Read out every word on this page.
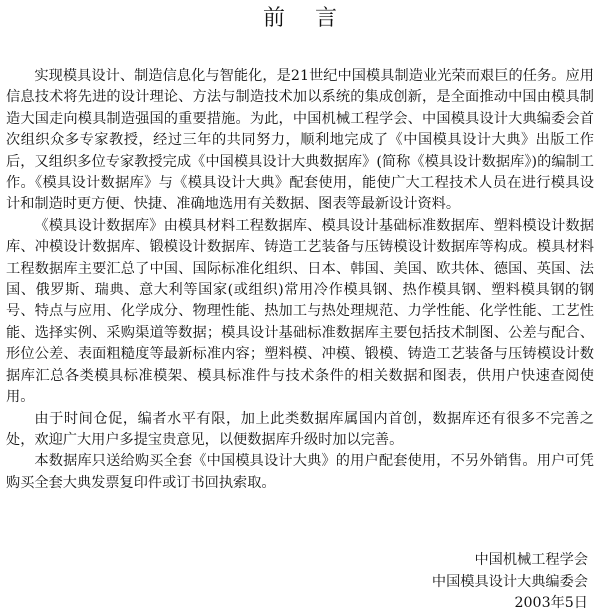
前言

实现模具设计、制造信息化与智能化，是21世纪中国模具制造业光荣而艰巨的任务。应用信息技术将先进的设计理论、方法与制造技术加以系统的集成创新，是全面推动中国由模具制造大国走向模具制造强国的重要措施。为此，中国机械工程学会、中国模具设计大典编委会首次组织众多专家教授，经过三年的共同努力，顺利地完成了《中国模具设计大典》出版工作后，又组织多位专家教授完成《中国模具设计大典数据库》(简称《模具设计数据库》)的编制工作。《模具设计数据库》与《模具设计大典》配套使用，能使广大工程技术人员在进行模具设计和制造时更方便、快捷、准确地选用有关数据、图表等最新设计资料。

《模具设计数据库》由模具材料工程数据库、模具设计基础标准数据库、塑料模设计数据库、冲模设计数据库、锻模设计数据库、铸造工艺装备与压铸模设计数据库等构成。模具材料工程数据库主要汇总了中国、国际标准化组织、日本、韩国、美国、欧共体、德国、英国、法国、俄罗斯、瑞典、意大利等国家(或组织)常用冷作模具钢、热作模具钢、塑料模具钢的钢号、特点与应用、化学成分、物理性能、热加工与热处理规范、力学性能、化学性能、工艺性能、选择实例、采购渠道等数据；模具设计基础标准数据库主要包括技术制图、公差与配合、形位公差、表面粗糙度等最新标准内容；塑料模、冲模、锻模、铸造工艺装备与压铸模设计数据库汇总各类模具标准模架、模具标准件与技术条件的相关数据和图表，供用户快速查阅使用。

由于时间仓促，编者水平有限，加上此类数据库属国内首创，数据库还有很多不完善之处，欢迎广大用户多提宝贵意见，以便数据库升级时加以完善。

本数据库只送给购买全套《中国模具设计大典》的用户配套使用，不另外销售。用户可凭购买全套大典发票复印件或订书回执索取。

中国机械工程学会
中国模具设计大典编委会
2003年5日
